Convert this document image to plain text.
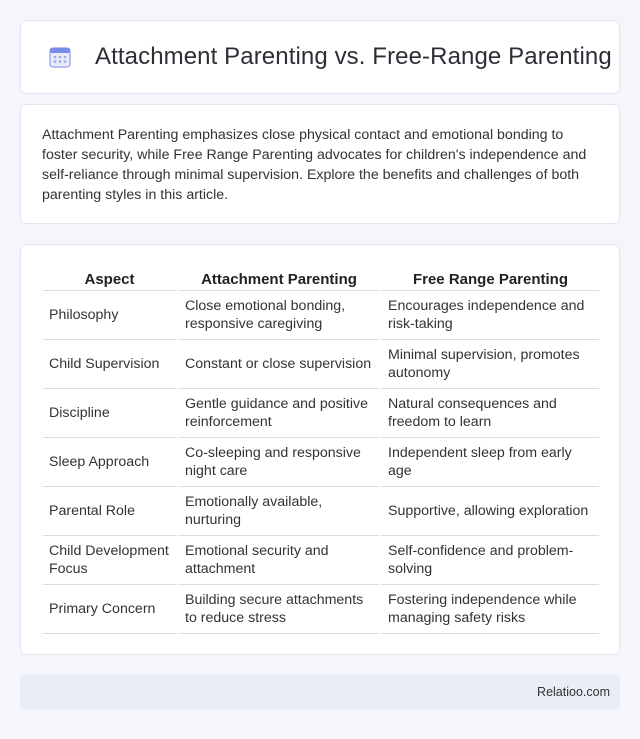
Attachment Parenting vs. Free-Range Parenting

Attachment Parenting emphasizes close physical contact and emotional bonding to foster security, while Free Range Parenting advocates for children's independence and self-reliance through minimal supervision. Explore the benefits and challenges of both parenting styles in this article.

Aspect	Attachment Parenting	Free Range Parenting
Philosophy	Close emotional bonding, responsive caregiving	Encourages independence and risk-taking
Child Supervision	Constant or close supervision	Minimal supervision, promotes autonomy
Discipline	Gentle guidance and positive reinforcement	Natural consequences and freedom to learn
Sleep Approach	Co-sleeping and responsive night care	Independent sleep from early age
Parental Role	Emotionally available, nurturing	Supportive, allowing exploration
Child Development Focus	Emotional security and attachment	Self-confidence and problem-solving
Primary Concern	Building secure attachments to reduce stress	Fostering independence while managing safety risks
Relatioo.com
